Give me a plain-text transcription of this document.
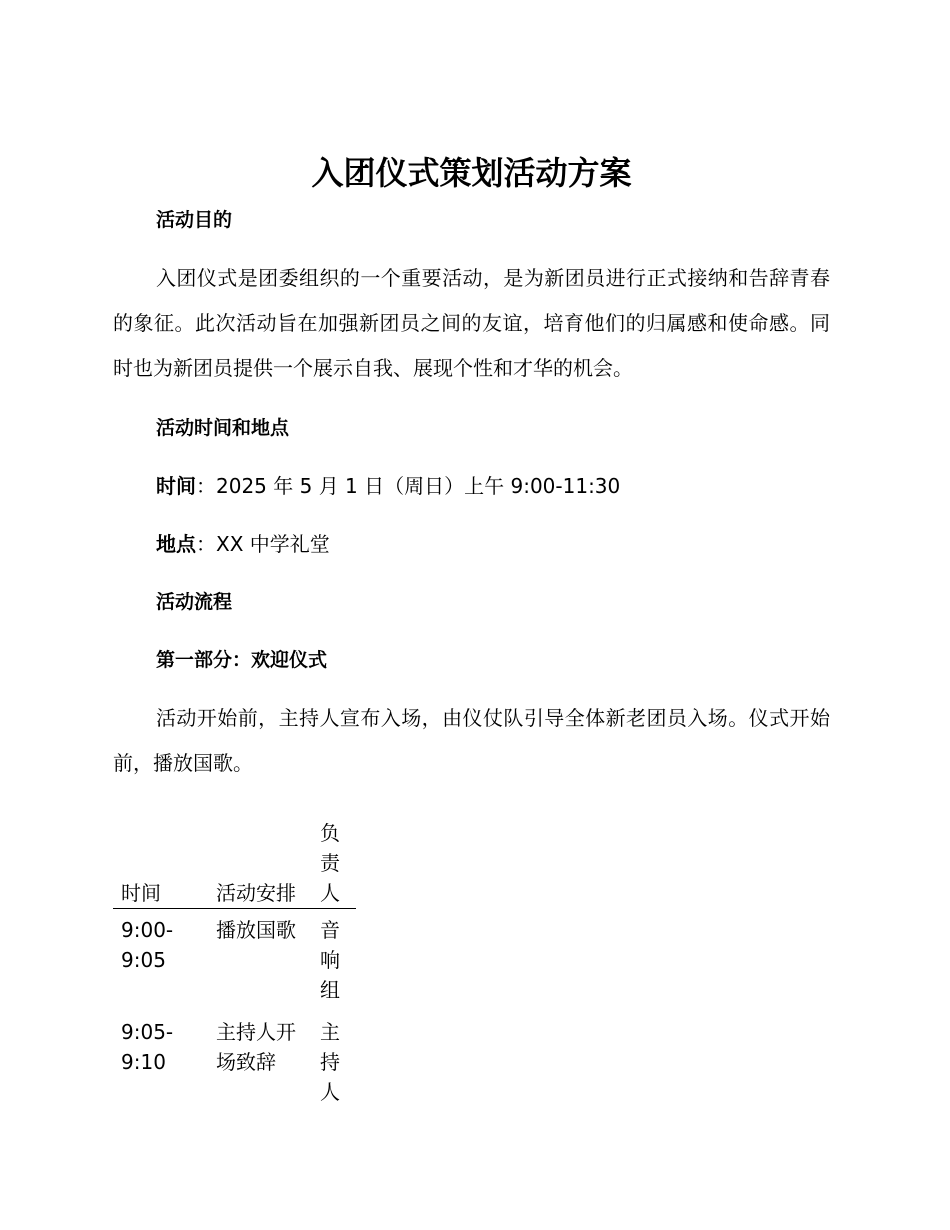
入团仪式策划活动方案
活动目的

入团仪式是团委组织的一个重要活动，是为新团员进行正式接纳和告辞青春的象征。此次活动旨在加强新团员之间的友谊，培育他们的归属感和使命感。同时也为新团员提供一个展示自我、展现个性和才华的机会。

活动时间和地点

时间：2025 年 5 月 1 日（周日）上午 9:00-11:30

地点：XX 中学礼堂

活动流程
第一部分：欢迎仪式

活动开始前，主持人宣布入场，由仪仗队引导全体新老团员入场。仪式开始前，播放国歌。

时间	活动安排	负责人
9:00-9:05	播放国歌	音响组
9:05-9:10	主持人开场致辞	主持人
